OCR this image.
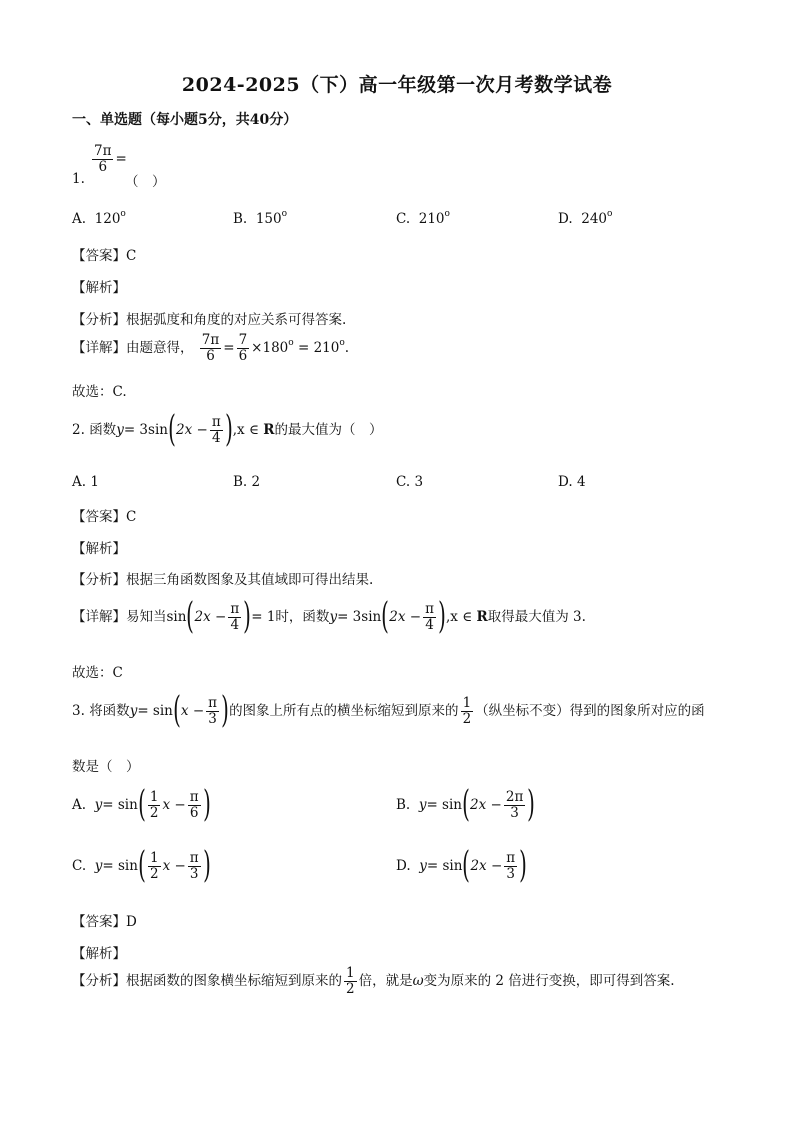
2024-2025（下）高一年级第一次月考数学试卷
一、单选题（每小题5分，共40分）
$\frac{7\pi}{6}$ =
1.	（　）
A. 120$^o$	B. 150$^o$	C. 210$^o$	D. 240$^o$
【答案】C
【解析】
【分析】根据弧度和角度的对应关系可得答案.
【详解】由题意得， $\frac{7\pi}{6} = \frac{7}{6} \times 180^o = 210^o$.
故选：C.
2. 函数$y= 3\sin(2x - \frac{\pi}{4} ),x$ ∈ R的最大值为（　）
A. 1	B. 2	C. 3	D. 4
【答案】C
【解析】
【分析】根据三角函数图象及其值域即可得出结果.
【详解】易知当$\sin(2x - \frac{\pi}{4}$ )= 1时，函数$y= 3\sin(2x - \frac{\pi}{4} ),x$ ∈ R取得最大值为 3.
故选：C
3. 将函数$y= \sin(x - \frac{\pi}{3}$ )的图象上所有点的横坐标缩短到原来的 $\frac{1}{2}$ （纵坐标不变）得到的图象所对应的函
数是（　）
A. $y= \sin( \frac{1}{2}$ $x - \frac{\pi}{6}$ )	B. $y= \sin(2x - \frac{2\pi}{3}$ )
C. $y= \sin( \frac{1}{2}$ $x - \frac{\pi}{3}$ )	D. $y= \sin(2x - \frac{\pi}{3}$ )
【答案】D
【解析】
【分析】根据函数的图象横坐标缩短到原来的 $\frac{1}{2}$ 倍，就是ω变为原来的 2 倍进行变换，即可得到答案.
